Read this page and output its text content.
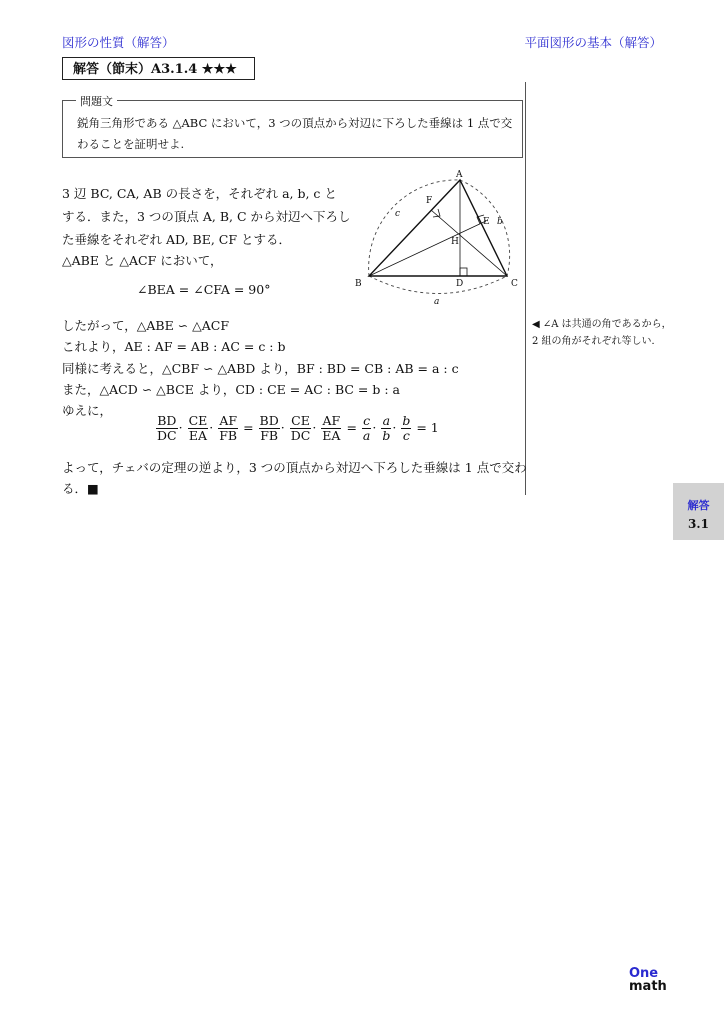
図形の性質（解答）	平面図形の基本（解答）
解答（節末）A3.1.4 ★★★
問題文
鋭角三角形である △ABC において，3 つの頂点から対辺に下ろした垂線は 1 点で交わることを証明せよ.
3 辺 BC, CA, AB の長さを，それぞれ a, b, c と
する．また，3 つの頂点 A, B, C から対辺へ下ろし
た垂線をそれぞれ AD, BE, CF とする．
△ABE と △ACF において，
∠BEA = ∠CFA = 90°
したがって，△ABE ∽ △ACF
これより，AE : AF = AB : AC = c : b
同様に考えると，△CBF ∽ △ABD より，BF : BD = CB : AB = a : c
また，△ACD ∽ △BCE より，CD : CE = AC : BC = b : a
ゆえに，
$\frac{BD}{DC} \cdot \frac{CE}{EA} \cdot \frac{AF}{FB} = \frac{BD}{FB} \cdot \frac{CE}{DC} \cdot \frac{AF}{EA} = \frac{c}{a} \cdot \frac{a}{b} \cdot \frac{b}{c} = 1$
よって，チェバの定理の逆より，3 つの頂点から対辺へ下ろした垂線は 1 点で交わ
る．■
A
B	C
D
E
F
H
a
b
c
◀ ∠A は共通の角であるから，
2 組の角がそれぞれ等しい．
解答
3.1
One
math
